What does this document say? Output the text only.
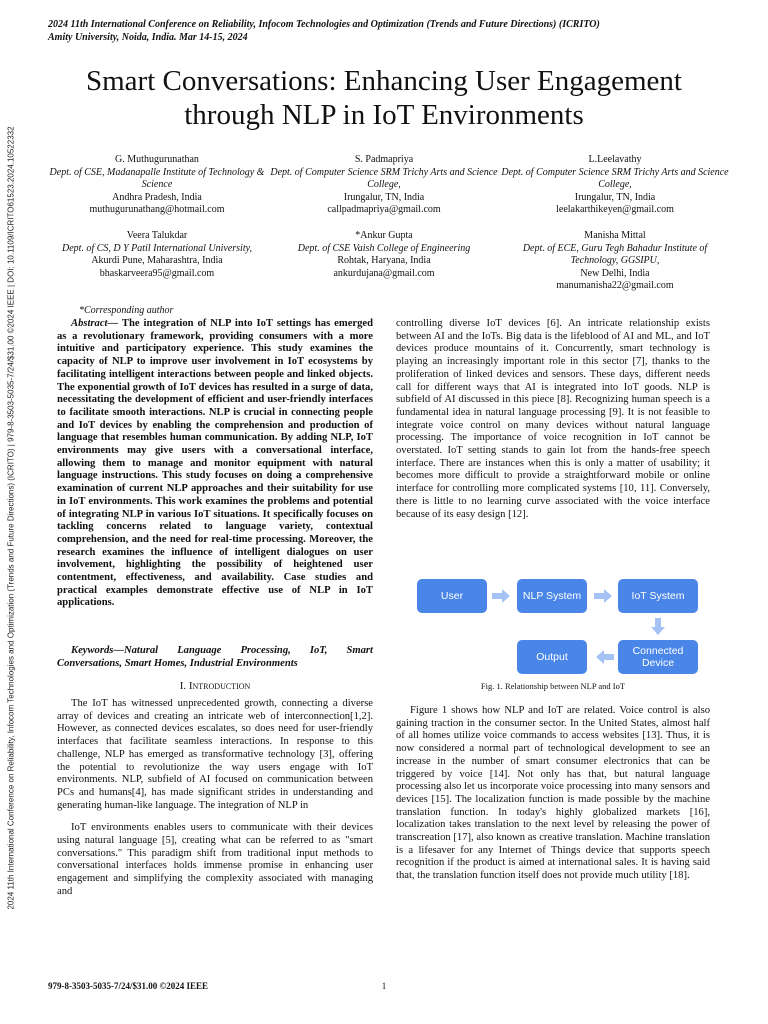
2024 11th International Conference on Reliability, Infocom Technologies and Optimization (Trends and Future Directions) (ICRITO)
Amity University, Noida, India. Mar 14-15, 2024
2024 11th International Conference on Reliability, Infocom Technologies and Optimization (Trends and Future Directions) (ICRITO) | 979-8-3503-5035-7/24/$31.00 ©2024 IEEE | DOI: 10.1109/ICRITO61523.2024.10522332
Smart Conversations: Enhancing User Engagement
through NLP in IoT Environments
G. Muthugurunathan
Dept. of CSE, Madanapalle Institute of Technology & Science
Andhra Pradesh, India
muthugurunathang@hotmail.com
S. Padmapriya
Dept. of Computer Science SRM Trichy Arts and Science College,
Irungalur, TN, India
callpadmapriya@gmail.com
L.Leelavathy
Dept. of Computer Science SRM Trichy Arts and Science College,
Irungalur, TN, India
leelakarthikeyen@gmail.com
Veera Talukdar
Dept. of CS, D Y Patil International University,
Akurdi Pune, Maharashtra, India
bhaskarveera95@gmail.com
*Ankur Gupta
Dept. of CSE Vaish College of Engineering
Rohtak, Haryana, India
ankurdujana@gmail.com
Manisha Mittal
Dept. of ECE, Guru Tegh Bahadur Institute of Technology, GGSIPU,
New Delhi, India
manumanisha22@gmail.com
*Corresponding author

Abstract— The integration of NLP into IoT settings has emerged as a revolutionary framework, providing consumers with a more intuitive and participatory experience. This study examines the capacity of NLP to improve user involvement in IoT ecosystems by facilitating intelligent interactions between people and linked objects. The exponential growth of IoT devices has resulted in a surge of data, necessitating the development of efficient and user-friendly interfaces to facilitate smooth interactions. NLP is crucial in connecting people and IoT devices by enabling the comprehension and production of language that resembles human communication. By adding NLP, IoT environments may give users with a conversational interface, allowing them to manage and monitor equipment with natural language instructions. This study focuses on doing a comprehensive examination of current NLP approaches and their suitability for use in IoT environments. This work examines the problems and potential of integrating NLP in various IoT situations. It specifically focuses on tackling concerns related to language variety, contextual comprehension, and the need for real-time processing. Moreover, the research examines the influence of intelligent dialogues on user involvement, highlighting the possibility of heightened user contentment, effectiveness, and availability. Case studies and practical examples demonstrate effective use of NLP in IoT applications.

Keywords—Natural Language Processing, IoT, Smart Conversations, Smart Homes, Industrial Environments

I. Introduction

The IoT has witnessed unprecedented growth, connecting a diverse array of devices and creating an intricate web of interconnection[1,2]. However, as connected devices escalates, so does need for user-friendly interfaces that facilitate seamless interactions. In response to this challenge, NLP has emerged as transformative technology [3], offering the potential to revolutionize the way users engage with IoT environments. NLP, subfield of AI focused on communication between PCs and humans[4], has made significant strides in understanding and generating human-like language. The integration of NLP in

IoT environments enables users to communicate with their devices using natural language [5], creating what can be referred to as "smart conversations." This paradigm shift from traditional input methods to conversational interfaces holds immense promise in enhancing user engagement and simplifying the complexity associated with managing and

controlling diverse IoT devices [6]. An intricate relationship exists between AI and the IoTs. Big data is the lifeblood of AI and ML, and IoT devices produce mountains of it. Concurrently, smart technology is playing an increasingly important role in this sector [7], thanks to the proliferation of linked devices and sensors. These days, different needs call for different ways that AI is integrated into IoT goods. NLP is subfield of AI discussed in this piece [8]. Recognizing human speech is a fundamental idea in natural language processing [9]. It is not feasible to integrate voice control on many devices without natural language processing. The importance of voice recognition in IoT cannot be overstated. IoT setting stands to gain lot from the hands-free speech interface. There are instances when this is only a matter of usability; it becomes more difficult to provide a straightforward mobile or online interface for controlling more complicated systems [10, 11]. Conversely, there is little to no learning curve associated with the voice interface because of its easy design [12].

User	NLP System	IoT System
Connected Device
Output
Fig. 1. Relationship between NLP and IoT

Figure 1 shows how NLP and IoT are related. Voice control is also gaining traction in the consumer sector. In the United States, almost half of all homes utilize voice commands to access websites [13]. Thus, it is now considered a normal part of technological development to see an increase in the number of smart consumer electronics that can be triggered by voice [14]. Not only has that, but natural language processing also let us incorporate voice processing into many sensors and devices [15]. The localization function is made possible by the machine translation function. In today's highly globalized markets [16], localization takes translation to the next level by releasing the power of transcreation [17], also known as creative translation. Machine translation is a lifesaver for any Internet of Things device that supports speech recognition if the product is aimed at international sales. It is having said that, the translation function itself does not provide much utility [18].

979-8-3503-5035-7/24/$31.00 ©2024 IEEE	1
